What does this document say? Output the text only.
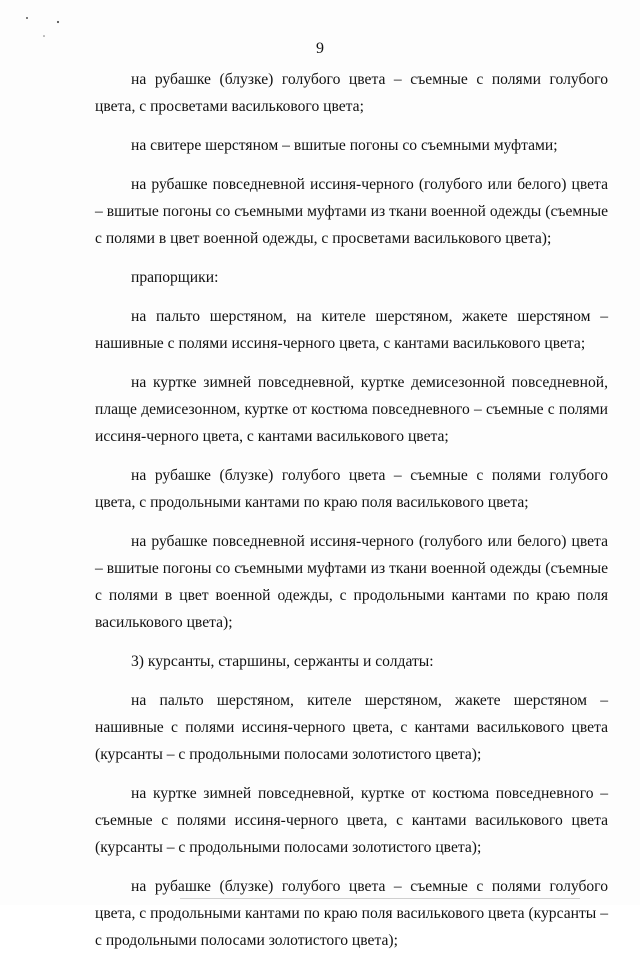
9

на рубашке (блузке) голубого цвета – съемные с полями голубого цвета, с просветами василькового цвета;

на свитере шерстяном – вшитые погоны со съемными муфтами;

на рубашке повседневной иссиня-черного (голубого или белого) цвета – вшитые погоны со съемными муфтами из ткани военной одежды (съемные с полями в цвет военной одежды, с просветами василькового цвета);

прапорщики:

на пальто шерстяном, на кителе шерстяном, жакете шерстяном – нашивные с полями иссиня-черного цвета, с кантами василькового цвета;

на куртке зимней повседневной, куртке демисезонной повседневной, плаще демисезонном, куртке от костюма повседневного – съемные с полями иссиня-черного цвета, с кантами василькового цвета;

на рубашке (блузке) голубого цвета – съемные с полями голубого цвета, с продольными кантами по краю поля василькового цвета;

на рубашке повседневной иссиня-черного (голубого или белого) цвета – вшитые погоны со съемными муфтами из ткани военной одежды (съемные с полями в цвет военной одежды, с продольными кантами по краю поля василькового цвета);

3) курсанты, старшины, сержанты и солдаты:

на пальто шерстяном, кителе шерстяном, жакете шерстяном – нашивные с полями иссиня-черного цвета, с кантами василькового цвета (курсанты – с продольными полосами золотистого цвета);

на куртке зимней повседневной, куртке от костюма повседневного – съемные с полями иссиня-черного цвета, с кантами василькового цвета (курсанты – с продольными полосами золотистого цвета);

на рубашке (блузке) голубого цвета – съемные с полями голубого цвета, с продольными кантами по краю поля василькового цвета (курсанты – с продольными полосами золотистого цвета);
